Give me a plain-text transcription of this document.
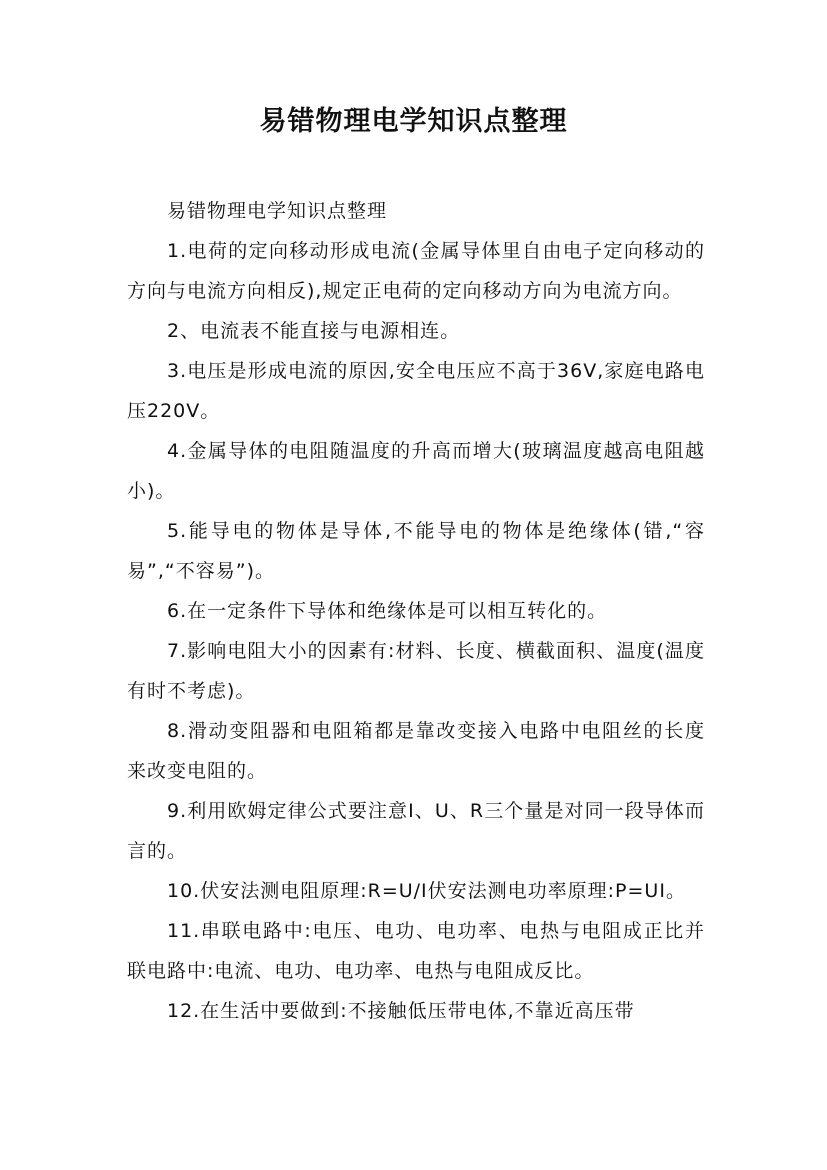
易错物理电学知识点整理

易错物理电学知识点整理

1.电荷的定向移动形成电流(金属导体里自由电子定向移动的方向与电流方向相反),规定正电荷的定向移动方向为电流方向。

2、电流表不能直接与电源相连。

3.电压是形成电流的原因,安全电压应不高于36V,家庭电路电压220V。

4.金属导体的电阻随温度的升高而增大(玻璃温度越高电阻越小)。

5.能导电的物体是导体,不能导电的物体是绝缘体(错,“容易”,“不容易”)。

6.在一定条件下导体和绝缘体是可以相互转化的。

7.影响电阻大小的因素有:材料、长度、横截面积、温度(温度有时不考虑)。

8.滑动变阻器和电阻箱都是靠改变接入电路中电阻丝的长度来改变电阻的。

9.利用欧姆定律公式要注意I、U、R三个量是对同一段导体而言的。

10.伏安法测电阻原理:R=U/I伏安法测电功率原理:P=UI。

11.串联电路中:电压、电功、电功率、电热与电阻成正比并联电路中:电流、电功、电功率、电热与电阻成反比。

12.在生活中要做到:不接触低压带电体,不靠近高压带
